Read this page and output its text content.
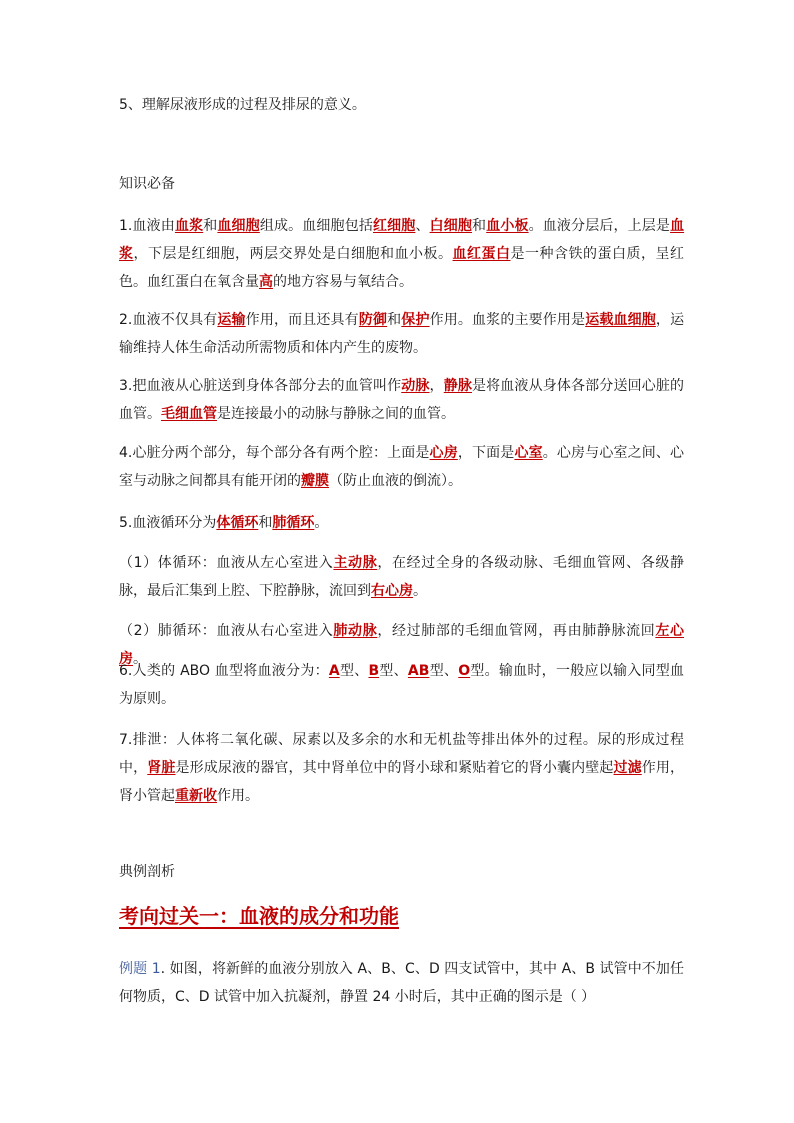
5、理解尿液形成的过程及排尿的意义。

知识必备

1.血液由血浆和血细胞组成。血细胞包括红细胞、白细胞和血小板。血液分层后，上层是血浆，下层是红细胞，两层交界处是白细胞和血小板。血红蛋白是一种含铁的蛋白质，呈红色。血红蛋白在氧含量高的地方容易与氧结合。

2.血液不仅具有运输作用，而且还具有防御和保护作用。血浆的主要作用是运载血细胞，运输维持人体生命活动所需物质和体内产生的废物。

3.把血液从心脏送到身体各部分去的血管叫作动脉，静脉是将血液从身体各部分送回心脏的血管。毛细血管是连接最小的动脉与静脉之间的血管。

4.心脏分两个部分，每个部分各有两个腔：上面是心房，下面是心室。心房与心室之间、心室与动脉之间都具有能开闭的瓣膜（防止血液的倒流）。

5.血液循环分为体循环和肺循环。

（1）体循环：血液从左心室进入主动脉，在经过全身的各级动脉、毛细血管网、各级静脉，最后汇集到上腔、下腔静脉，流回到右心房。

（2）肺循环：血液从右心室进入肺动脉，经过肺部的毛细血管网，再由肺静脉流回左心房。

6.人类的 ABO 血型将血液分为：A型、B型、AB型、O型。输血时，一般应以输入同型血为原则。

7.排泄：人体将二氧化碳、尿素以及多余的水和无机盐等排出体外的过程。尿的形成过程中，肾脏是形成尿液的器官，其中肾单位中的肾小球和紧贴着它的肾小囊内壁起过滤作用，肾小管起重新收作用。

典例剖析

考向过关一：血液的成分和功能

例题 1. 如图，将新鲜的血液分别放入 A、B、C、D 四支试管中，其中 A、B 试管中不加任何物质，C、D 试管中加入抗凝剂，静置 24 小时后，其中正确的图示是（ ）
